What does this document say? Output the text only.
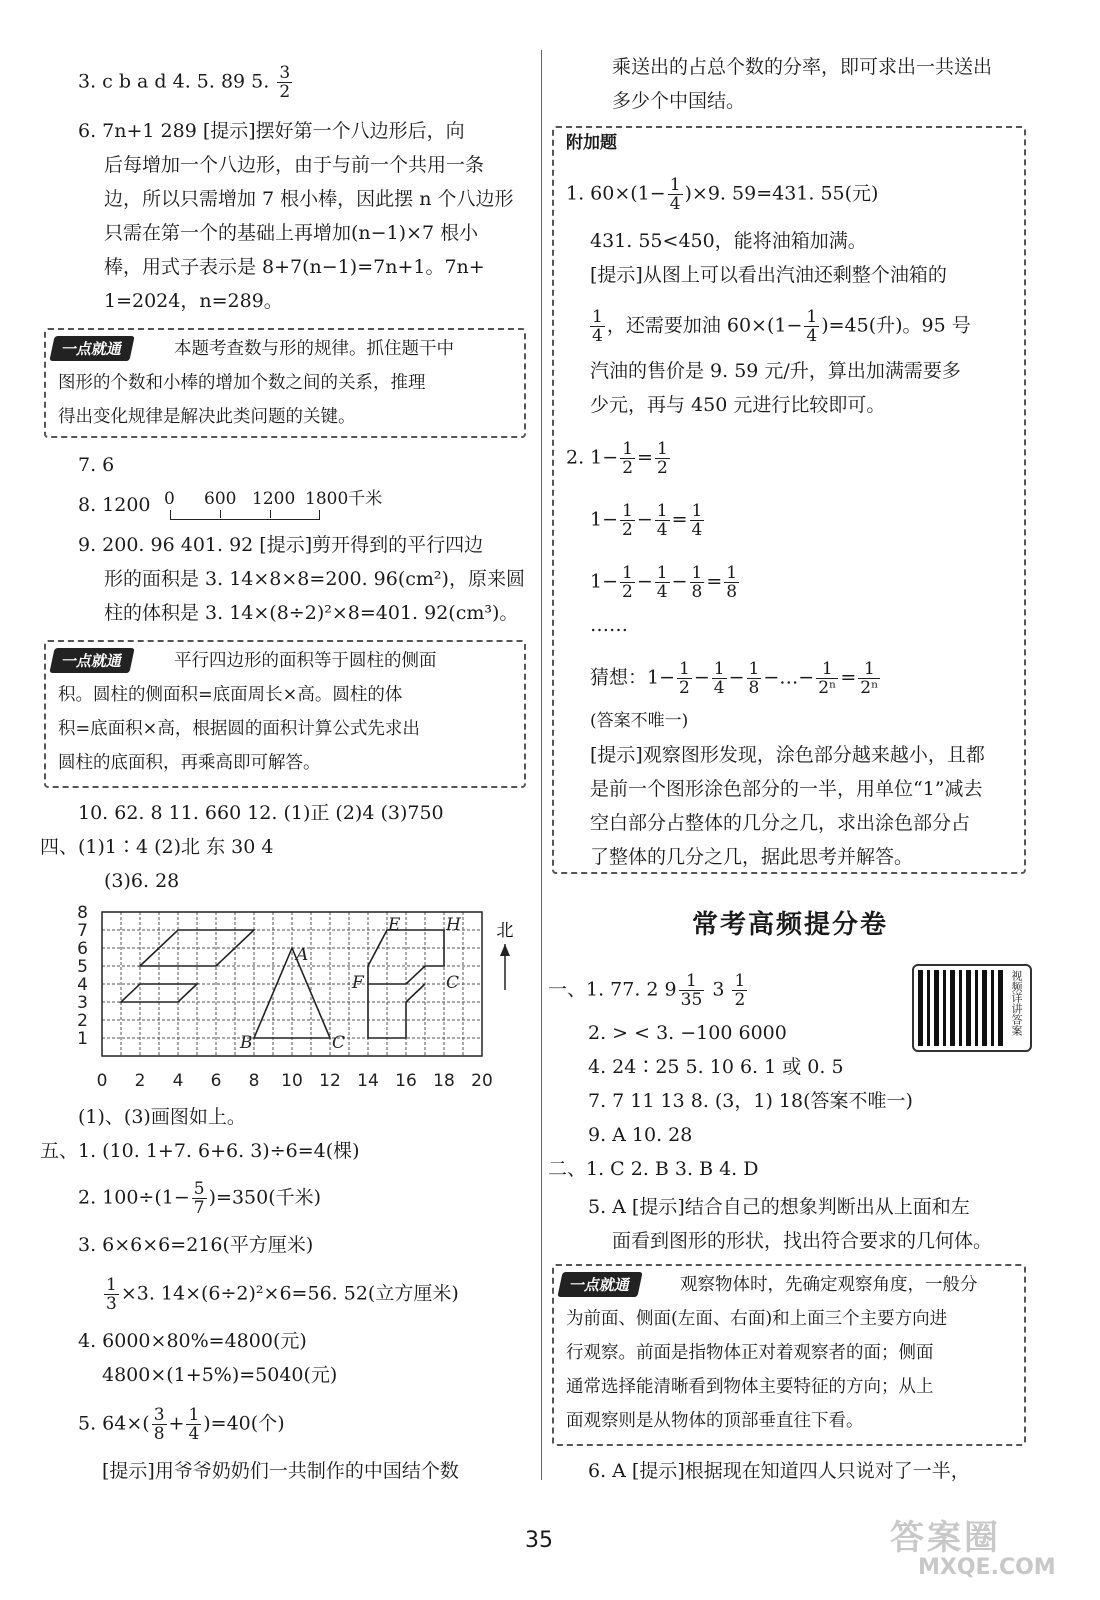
3. c b a d 4. 5. 89 5. $\frac{3}{2}$
6. 7n+1 289 [提示]摆好第一个八边形后，向
后每增加一个八边形，由于与前一个共用一条
边，所以只需增加 7 根小棒，因此摆 n 个八边形
只需在第一个的基础上再增加(n−1)×7 根小
棒，用式子表示是 8+7(n−1)=7n+1。7n+
1=2024，n=289。
一点就通	本题考查数与形的规律。抓住题干中
图形的个数和小棒的增加个数之间的关系，推理
得出变化规律是解决此类问题的关键。
7. 6
8. 1200 0 600 1200 1800千米
9. 200. 96 401. 92 [提示]剪开得到的平行四边
形的面积是 3. 14×8×8=200. 96(cm²)，原来圆
柱的体积是 3. 14×(8÷2)²×8=401. 92(cm³)。
一点就通	平行四边形的面积等于圆柱的侧面
积。圆柱的侧面积=底面周长×高。圆柱的体
积=底面积×高，根据圆的面积计算公式先求出
圆柱的底面积，再乘高即可解答。
10. 62. 8 11. 660 12. (1)正 (2)4 (3)750
四、(1)1∶4 (2)北 东 30 4
(3)6. 28
8
7
6
5
4
3
2
1
0 2 4 6 8 10 12 14 16 18 20
A
B	C
E
F
H
C
北
(1)、(3)画图如上。
五、1. (10. 1+7. 6+6. 3)÷6=4(棵)
2. $100\div(1- \frac{5}{7} )=350$(千米)
3. 6×6×6=216(平方厘米)
$\frac{1}{3} \times 3$. 14×(6÷2)²×6=56. 52(立方厘米)
4. 6000×80%=4800(元)
4800×(1+5%)=5040(元)
5. $64\times( \frac{3}{8} + \frac{1}{4} )=40$(个)
[提示]用爷爷奶奶们一共制作的中国结个数
乘送出的占总个数的分率，即可求出一共送出
多少个中国结。
附加题
1. $60\times(1- \frac{1}{4} )\times 9$. 59=431. 55(元)
431. 55<450，能将油箱加满。
[提示]从图上可以看出汽油还剩整个油箱的
$\frac{1}{4}$ ，还需要加油 $60\times(1- \frac{1}{4} )=45$(升)。95 号
汽油的售价是 9. 59 元/升，算出加满需要多
少元，再与 450 元进行比较即可。
2. $1- \frac{1}{2} = \frac{1}{2}$
$1- \frac{1}{2} - \frac{1}{4} = \frac{1}{4}$
$1- \frac{1}{2} - \frac{1}{4} - \frac{1}{8} = \frac{1}{8}$
……
猜想：$1- \frac{1}{2} - \frac{1}{4} - \frac{1}{8}$ −…− $\frac{1}{\text{2ⁿ}} = \frac{1}{\text{2ⁿ}}$
(答案不唯一)
[提示]观察图形发现，涂色部分越来越小，且都
是前一个图形涂色部分的一半，用单位“1”减去
空白部分占整体的几分之几，求出涂色部分占
了整体的几分之几，据此思考并解答。
常考高频提分卷
视频详讲答案
一、1. 77. 2 $9 \frac{1}{35} 3 \frac{1}{2}$
2. > < 3. −100 6000
4. 24∶25 5. 10 6. 1 或 0. 5
7. 7 11 13 8. (3，1) 18(答案不唯一)
9. A 10. 28
二、1. C 2. B 3. B 4. D
5. A [提示]结合自己的想象判断出从上面和左
面看到图形的形状，找出符合要求的几何体。
一点就通	观察物体时，先确定观察角度，一般分
为前面、侧面(左面、右面)和上面三个主要方向进
行观察。前面是指物体正对着观察者的面；侧面
通常选择能清晰看到物体主要特征的方向；从上
面观察则是从物体的顶部垂直往下看。
6. A [提示]根据现在知道四人只说对了一半，
35	答案圈
MXQE.COM
